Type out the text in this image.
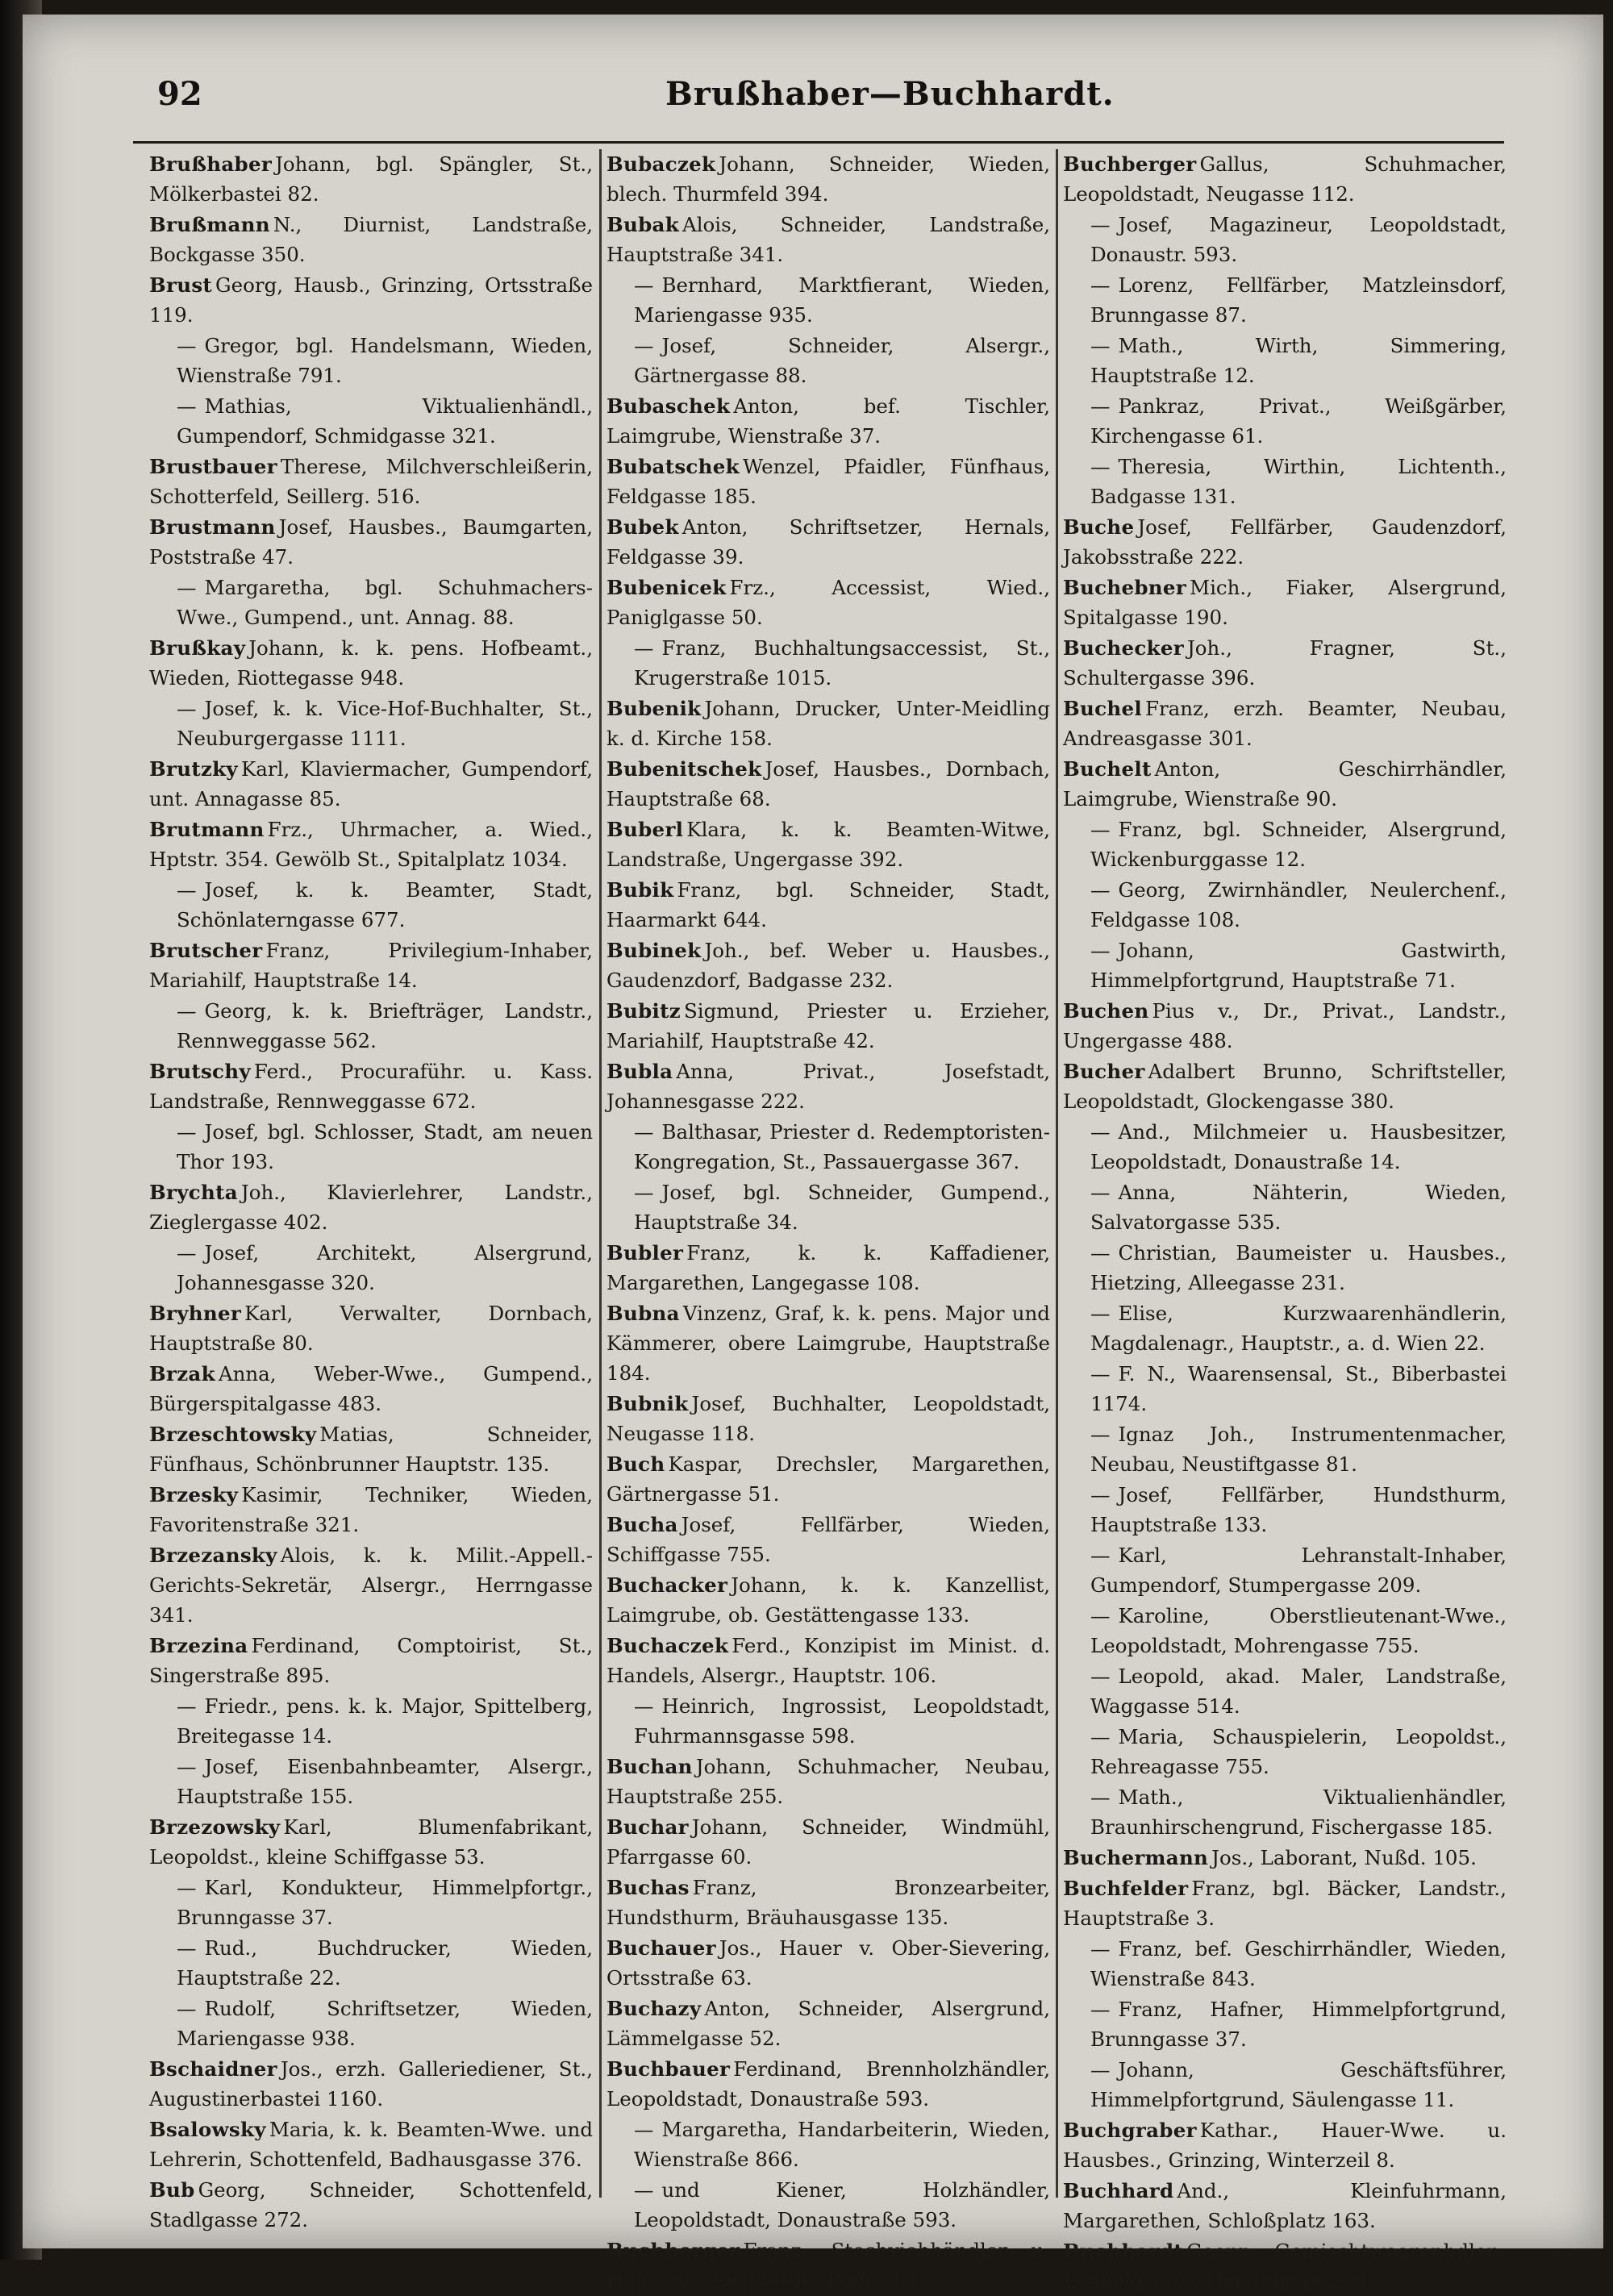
92	Brußhaber—Buchhardt.
Brußhaber Johann, bgl. Spängler, St., Mölkerbastei 82.
Brußmann N., Diurnist, Landstraße, Bockgasse 350.
Brust Georg, Hausb., Grinzing, Ortsstraße 119.
— Gregor, bgl. Handelsmann, Wieden, Wienstraße 791.
— Mathias, Viktualienhändl., Gumpendorf, Schmidgasse 321.
Brustbauer Therese, Milchverschleißerin, Schotterfeld, Seillerg. 516.
Brustmann Josef, Hausbes., Baumgarten, Poststraße 47.
— Margaretha, bgl. Schuhmachers-Wwe., Gumpend., unt. Annag. 88.
Brußkay Johann, k. k. pens. Hofbeamt., Wieden, Riottegasse 948.
— Josef, k. k. Vice-Hof-Buchhalter, St., Neuburgergasse 1111.
Brutzky Karl, Klaviermacher, Gumpendorf, unt. Annagasse 85.
Brutmann Frz., Uhrmacher, a. Wied., Hptstr. 354. Gewölb St., Spitalplatz 1034.
— Josef, k. k. Beamter, Stadt, Schönlaterngasse 677.
Brutscher Franz, Privilegium-Inhaber, Mariahilf, Hauptstraße 14.
— Georg, k. k. Briefträger, Landstr., Rennweggasse 562.
Brutschy Ferd., Procuraführ. u. Kass. Landstraße, Rennweggasse 672.
— Josef, bgl. Schlosser, Stadt, am neuen Thor 193.
Brychta Joh., Klavierlehrer, Landstr., Zieglergasse 402.
— Josef, Architekt, Alsergrund, Johannesgasse 320.
Bryhner Karl, Verwalter, Dornbach, Hauptstraße 80.
Brzak Anna, Weber-Wwe., Gumpend., Bürgerspitalgasse 483.
Brzeschtowsky Matias, Schneider, Fünfhaus, Schönbrunner Hauptstr. 135.
Brzesky Kasimir, Techniker, Wieden, Favoritenstraße 321.
Brzezansky Alois, k. k. Milit.-Appell.-Gerichts-Sekretär, Alsergr., Herrngasse 341.
Brzezina Ferdinand, Comptoirist, St., Singerstraße 895.
— Friedr., pens. k. k. Major, Spittelberg, Breitegasse 14.
— Josef, Eisenbahnbeamter, Alsergr., Hauptstraße 155.
Brzezowsky Karl, Blumenfabrikant, Leopoldst., kleine Schiffgasse 53.
— Karl, Kondukteur, Himmelpfortgr., Brunngasse 37.
— Rud., Buchdrucker, Wieden, Hauptstraße 22.
— Rudolf, Schriftsetzer, Wieden, Mariengasse 938.
Bschaidner Jos., erzh. Galleriediener, St., Augustinerbastei 1160.
Bsalowsky Maria, k. k. Beamten-Wwe. und Lehrerin, Schottenfeld, Badhausgasse 376.
Bub Georg, Schneider, Schottenfeld, Stadlgasse 272.
Bubaczek Johann, Schneider, Wieden, blech. Thurmfeld 394.
Bubak Alois, Schneider, Landstraße, Hauptstraße 341.
— Bernhard, Marktfierant, Wieden, Mariengasse 935.
— Josef, Schneider, Alsergr., Gärtnergasse 88.
Bubaschek Anton, bef. Tischler, Laimgrube, Wienstraße 37.
Bubatschek Wenzel, Pfaidler, Fünfhaus, Feldgasse 185.
Bubek Anton, Schriftsetzer, Hernals, Feldgasse 39.
Bubenicek Frz., Accessist, Wied., Paniglgasse 50.
— Franz, Buchhaltungsaccessist, St., Krugerstraße 1015.
Bubenik Johann, Drucker, Unter-Meidling k. d. Kirche 158.
Bubenitschek Josef, Hausbes., Dornbach, Hauptstraße 68.
Buberl Klara, k. k. Beamten-Witwe, Landstraße, Ungergasse 392.
Bubik Franz, bgl. Schneider, Stadt, Haarmarkt 644.
Bubinek Joh., bef. Weber u. Hausbes., Gaudenzdorf, Badgasse 232.
Bubitz Sigmund, Priester u. Erzieher, Mariahilf, Hauptstraße 42.
Bubla Anna, Privat., Josefstadt, Johannesgasse 222.
— Balthasar, Priester d. Redemptoristen-Kongregation, St., Passauergasse 367.
— Josef, bgl. Schneider, Gumpend., Hauptstraße 34.
Bubler Franz, k. k. Kaffadiener, Margarethen, Langegasse 108.
Bubna Vinzenz, Graf, k. k. pens. Major und Kämmerer, obere Laimgrube, Hauptstraße 184.
Bubnik Josef, Buchhalter, Leopoldstadt, Neugasse 118.
Buch Kaspar, Drechsler, Margarethen, Gärtnergasse 51.
Bucha Josef, Fellfärber, Wieden, Schiffgasse 755.
Buchacker Johann, k. k. Kanzellist, Laimgrube, ob. Gestättengasse 133.
Buchaczek Ferd., Konzipist im Minist. d. Handels, Alsergr., Hauptstr. 106.
— Heinrich, Ingrossist, Leopoldstadt, Fuhrmannsgasse 598.
Buchan Johann, Schuhmacher, Neubau, Hauptstraße 255.
Buchar Johann, Schneider, Windmühl, Pfarrgasse 60.
Buchas Franz, Bronzearbeiter, Hundsthurm, Bräuhausgasse 135.
Buchauer Jos., Hauer v. Ober-Sievering, Ortsstraße 63.
Buchazy Anton, Schneider, Alsergrund, Lämmelgasse 52.
Buchbauer Ferdinand, Brennholzhändler, Leopoldstadt, Donaustraße 593.
— Margaretha, Handarbeiterin, Wieden, Wienstraße 866.
— und Kiener, Holzhändler, Leopoldstadt, Donaustraße 593.
Buchberger Franz, Stechviehhändler u. Hausbes., Lichtenth., Badg. 131.
Buchberger Gallus, Schuhmacher, Leopoldstadt, Neugasse 112.
— Josef, Magazineur, Leopoldstadt, Donaustr. 593.
— Lorenz, Fellfärber, Matzleinsdorf, Brunngasse 87.
— Math., Wirth, Simmering, Hauptstraße 12.
— Pankraz, Privat., Weißgärber, Kirchengasse 61.
— Theresia, Wirthin, Lichtenth., Badgasse 131.
Buche Josef, Fellfärber, Gaudenzdorf, Jakobsstraße 222.
Buchebner Mich., Fiaker, Alsergrund, Spitalgasse 190.
Buchecker Joh., Fragner, St., Schultergasse 396.
Buchel Franz, erzh. Beamter, Neubau, Andreasgasse 301.
Buchelt Anton, Geschirrhändler, Laimgrube, Wienstraße 90.
— Franz, bgl. Schneider, Alsergrund, Wickenburggasse 12.
— Georg, Zwirnhändler, Neulerchenf., Feldgasse 108.
— Johann, Gastwirth, Himmelpfortgrund, Hauptstraße 71.
Buchen Pius v., Dr., Privat., Landstr., Ungergasse 488.
Bucher Adalbert Brunno, Schriftsteller, Leopoldstadt, Glockengasse 380.
— And., Milchmeier u. Hausbesitzer, Leopoldstadt, Donaustraße 14.
— Anna, Nähterin, Wieden, Salvatorgasse 535.
— Christian, Baumeister u. Hausbes., Hietzing, Alleegasse 231.
— Elise, Kurzwaarenhändlerin, Magdalenagr., Hauptstr., a. d. Wien 22.
— F. N., Waarensensal, St., Biberbastei 1174.
— Ignaz Joh., Instrumentenmacher, Neubau, Neustiftgasse 81.
— Josef, Fellfärber, Hundsthurm, Hauptstraße 133.
— Karl, Lehranstalt-Inhaber, Gumpendorf, Stumpergasse 209.
— Karoline, Oberstlieutenant-Wwe., Leopoldstadt, Mohrengasse 755.
— Leopold, akad. Maler, Landstraße, Waggasse 514.
— Maria, Schauspielerin, Leopoldst., Rehreagasse 755.
— Math., Viktualienhändler, Braunhirschengrund, Fischergasse 185.
Buchermann Jos., Laborant, Nußd. 105.
Buchfelder Franz, bgl. Bäcker, Landstr., Hauptstraße 3.
— Franz, bef. Geschirrhändler, Wieden, Wienstraße 843.
— Franz, Hafner, Himmelpfortgrund, Brunngasse 37.
— Johann, Geschäftsführer, Himmelpfortgrund, Säulengasse 11.
Buchgraber Kathar., Hauer-Wwe. u. Hausbes., Grinzing, Winterzeil 8.
Buchhard And., Kleinfuhrmann, Margarethen, Schloßplatz 163.
Buchhardt Georg, Gemischtwaarenhdler., Leopoldstadt, Herrngasse 234.
